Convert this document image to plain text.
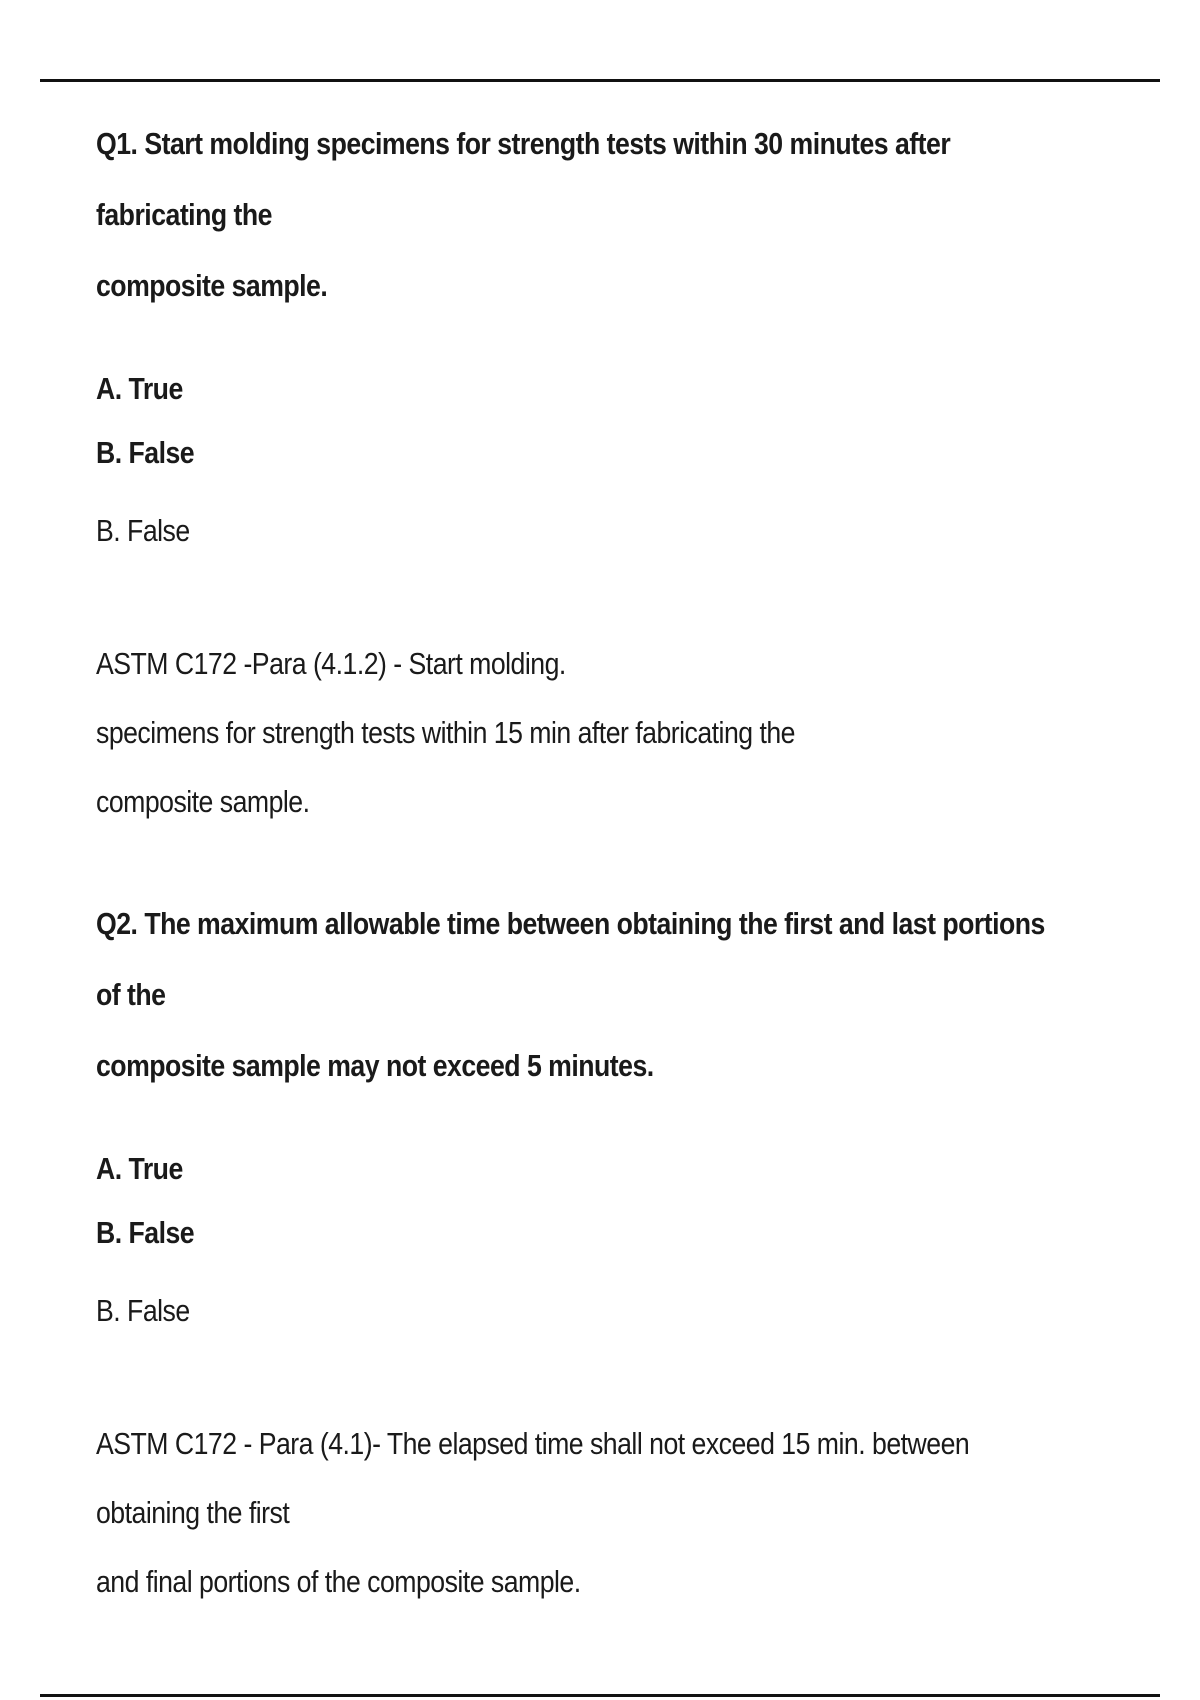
Q1. Start molding specimens for strength tests within 30 minutes after fabricating the

composite sample.

A. True

B. False

B. False

ASTM C172 -Para (4.1.2) - Start molding.

specimens for strength tests within 15 min after fabricating the

composite sample.

Q2. The maximum allowable time between obtaining the first and last portions of the

composite sample may not exceed 5 minutes.

A. True

B. False

B. False

ASTM C172 - Para (4.1)- The elapsed time shall not exceed 15 min. between obtaining the first

and final portions of the composite sample.
